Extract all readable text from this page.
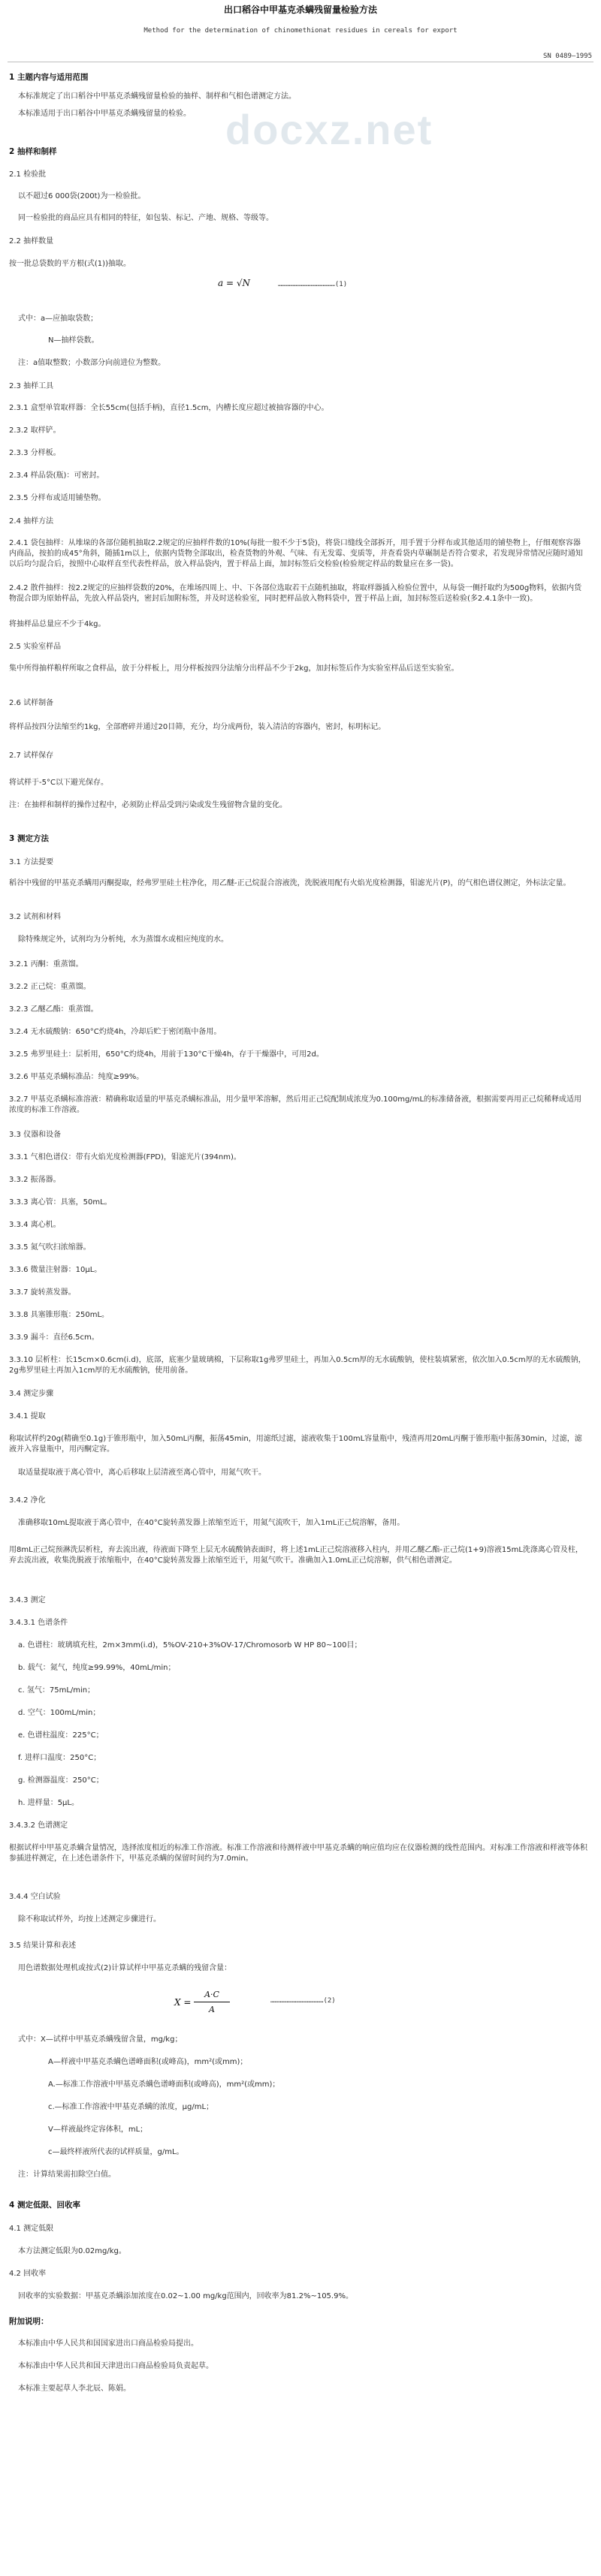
docxz.net
出口稻谷中甲基克杀螨残留量检验方法
Method for the determination of chinomethionat residues in cereals for export
SN 0489—1995
1 主题内容与适用范围
本标准规定了出口稻谷中甲基克杀螨残留量检验的抽样、制样和气相色谱测定方法。
本标准适用于出口稻谷中甲基克杀螨残留量的检验。
2 抽样和制样
2.1 检验批
以不超过6 000袋(200t)为一检验批。
同一检验批的商品应具有相同的特征，如包装、标记、产地、规格、等级等。
2.2 抽样数量
按一批总袋数的平方根(式(1))抽取。
a = √N	……………………………………(1)
式中：a—应抽取袋数；
N—抽样袋数。
注：a值取整数；小数部分向前进位为整数。
2.3 抽样工具
2.3.1 盒型单管取样器：全长55cm(包括手柄)，直径1.5cm，内槽长度应超过被抽容器的中心。
2.3.2 取样铲。
2.3.3 分样板。
2.3.4 样品袋(瓶)：可密封。
2.3.5 分样布或适用铺垫物。
2.4 抽样方法
2.4.1 袋包抽样：从堆垛的各部位随机抽取2.2规定的应抽样件数的10%(每批一般不少于5袋)，将袋口缝线全部拆开，用手置于分样布或其他适用的铺垫物上，仔细观察容器内商品，按拍的成45°角斜，随插1m以上，依据内货物全部取出，检查货物的外观、气味、有无发霉、变质等，并查看袋内草碾制是否符合要求，若发现异常情况应随时通知以后均匀混合后，按照中心取样直至代表性样品，放入样品袋内，置于样品上面，加封标签后交检验(检验规定样品的数量应在多一袋)。
2.4.2 散件抽样：按2.2规定的应抽样袋数的20%，在堆场四周上、中、下各部位选取若干点随机抽取，将取样器插入检验位置中，从每袋一侧扦取约为500g物料，依据内货物混合即为原始样品，先放入样品袋内，密封后加附标签，并及时送检验室，同时把样品放入物料袋中，置于样品上面，加封标签后送检验(多2.4.1条中一致)。
将抽样品总量应不少于4kg。
2.5 实验室样品
集中所得抽样粮样所取之食样品，放于分样板上，用分样板按四分法缩分出样品不少于2kg，加封标签后作为实验室样品后送至实验室。
2.6 试样制备
将样品按四分法缩至约1kg，全部磨碎并通过20目筛，充分，均分成两份，装入清洁的容器内，密封，标明标记。
2.7 试样保存
将试样于-5°C以下避光保存。
注：在抽样和制样的操作过程中，必须防止样品受到污染或发生残留物含量的变化。
3 测定方法
3.1 方法提要
稻谷中残留的甲基克杀螨用丙酮提取，经弗罗里硅土柱净化，用乙醚-正己烷混合溶液洗，洗脱液用配有火焰光度检测器，钼滤光片(P)，的气相色谱仪测定，外标法定量。
3.2 试剂和材料
除特殊规定外，试剂均为分析纯，水为蒸馏水或相应纯度的水。
3.2.1 丙酮：重蒸馏。
3.2.2 正己烷：重蒸馏。
3.2.3 乙醚乙酯：重蒸馏。
3.2.4 无水硫酸钠：650°C灼烧4h，冷却后贮于密闭瓶中备用。
3.2.5 弗罗里硅土：层析用，650°C灼烧4h，用前于130°C干燥4h，存于干燥器中，可用2d。
3.2.6 甲基克杀螨标准品：纯度≥99%。
3.2.7 甲基克杀螨标准溶液：精确称取适量的甲基克杀螨标准品，用少量甲苯溶解，然后用正己烷配制成浓度为0.100mg/mL的标准储备液，根据需要再用正己烷稀释成适用浓度的标准工作溶液。
3.3 仪器和设备
3.3.1 气相色谱仪：带有火焰光度检测器(FPD)，钼滤光片(394nm)。
3.3.2 振荡器。
3.3.3 离心管：具塞，50mL。
3.3.4 离心机。
3.3.5 氮气吹扫浓缩器。
3.3.6 微量注射器：10μL。
3.3.7 旋转蒸发器。
3.3.8 具塞锥形瓶：250mL。
3.3.9 漏斗：直径6.5cm。
3.3.10 层析柱：长15cm×0.6cm(i.d)，底部，底塞少量玻璃棉，下层称取1g弗罗里硅土，再加入0.5cm厚的无水硫酸钠，使柱装填紧密，依次加入0.5cm厚的无水硫酸钠，2g弗罗里硅土再加入1cm厚的无水硫酸钠，使用前备。
3.4 测定步骤
3.4.1 提取
称取试样约20g(精确至0.1g)于锥形瓶中，加入50mL丙酮，振荡45min，用滤纸过滤，滤液收集于100mL容量瓶中，残渣再用20mL丙酮于锥形瓶中振荡30min，过滤，滤液并入容量瓶中，用丙酮定容。
取适量提取液于离心管中，离心后移取上层清液至离心管中，用氮气吹干。
3.4.2 净化
准确移取10mL提取液于离心管中，在40°C旋转蒸发器上浓缩至近干，用氮气流吹干，加入1mL正己烷溶解，备用。
用8mL正己烷预淋洗层析柱，弃去流出液，待液面下降至上层无水硫酸钠表面时，将上述1mL正己烷溶液移入柱内，并用乙醚乙酯-正己烷(1+9)溶液15mL洗涤离心管及柱，弃去流出液，收集洗脱液于浓缩瓶中，在40°C旋转蒸发器上浓缩至近干，用氮气吹干。准确加入1.0mL正己烷溶解，供气相色谱测定。
3.4.3 测定
3.4.3.1 色谱条件
a. 色谱柱：玻璃填充柱，2m×3mm(i.d)，5%OV-210+3%OV-17/Chromosorb W HP 80~100目；
b. 载气：氮气，纯度≥99.99%，40mL/min；
c. 氢气：75mL/min；
d. 空气：100mL/min；
e. 色谱柱温度：225°C；
f. 进样口温度：250°C；
g. 检测器温度：250°C；
h. 进样量：5μL。
3.4.3.2 色谱测定
根据试样中甲基克杀螨含量情况，选择浓度相近的标准工作溶液。标准工作溶液和待测样液中甲基克杀螨的响应值均应在仪器检测的线性范围内。对标准工作溶液和样液等体积参插进样测定，在上述色谱条件下，甲基克杀螨的保留时间约为7.0min。
3.4.4 空白试验
除不称取试样外，均按上述测定步骤进行。
3.5 结果计算和表述
用色谱数据处理机或按式(2)计算试样中甲基克杀螨的残留含量：
X =
A·C
A
…………………………………(2)
式中：X—试样中甲基克杀螨残留含量，mg/kg；
A—样液中甲基克杀螨色谱峰面积(或峰高)，mm²(或mm)；
A.—标准工作溶液中甲基克杀螨色谱峰面积(或峰高)，mm²(或mm)；
c.—标准工作溶液中甲基克杀螨的浓度，μg/mL；
V—样液最终定容体积，mL；
c—最终样液所代表的试样质量，g/mL。
注：计算结果需扣除空白值。
4 测定低限、回收率
4.1 测定低限
本方法测定低限为0.02mg/kg。
4.2 回收率
回收率的实验数据：甲基克杀螨添加浓度在0.02~1.00 mg/kg范围内，回收率为81.2%~105.9%。
附加说明：
本标准由中华人民共和国国家进出口商品检验局提出。
本标准由中华人民共和国天津进出口商品检验局负责起草。
本标准主要起草人李北辰、陈娟。
